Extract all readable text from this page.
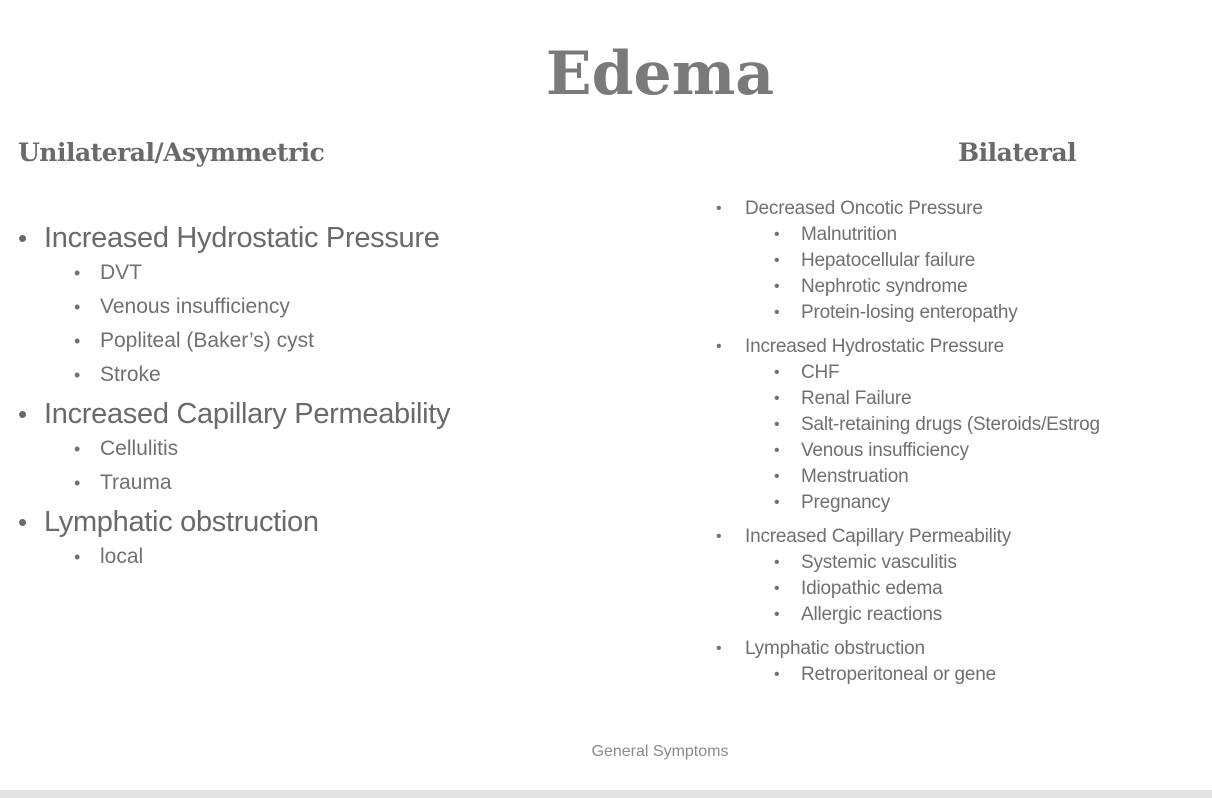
Edema
Unilateral/Asymmetric	Bilateral
• Increased Hydrostatic Pressure
• DVT
• Venous insufficiency
• Popliteal (Baker’s) cyst
• Stroke
• Increased Capillary Permeability
• Cellulitis
• Trauma
• Lymphatic obstruction
• local
• Decreased Oncotic Pressure
• Malnutrition
• Hepatocellular failure
• Nephrotic syndrome
• Protein-losing enteropathy
• Increased Hydrostatic Pressure
• CHF
• Renal Failure
• Salt-retaining drugs (Steroids/Estrog
• Venous insufficiency
• Menstruation
• Pregnancy
• Increased Capillary Permeability
• Systemic vasculitis
• Idiopathic edema
• Allergic reactions
• Lymphatic obstruction
• Retroperitoneal or gene
General Symptoms
